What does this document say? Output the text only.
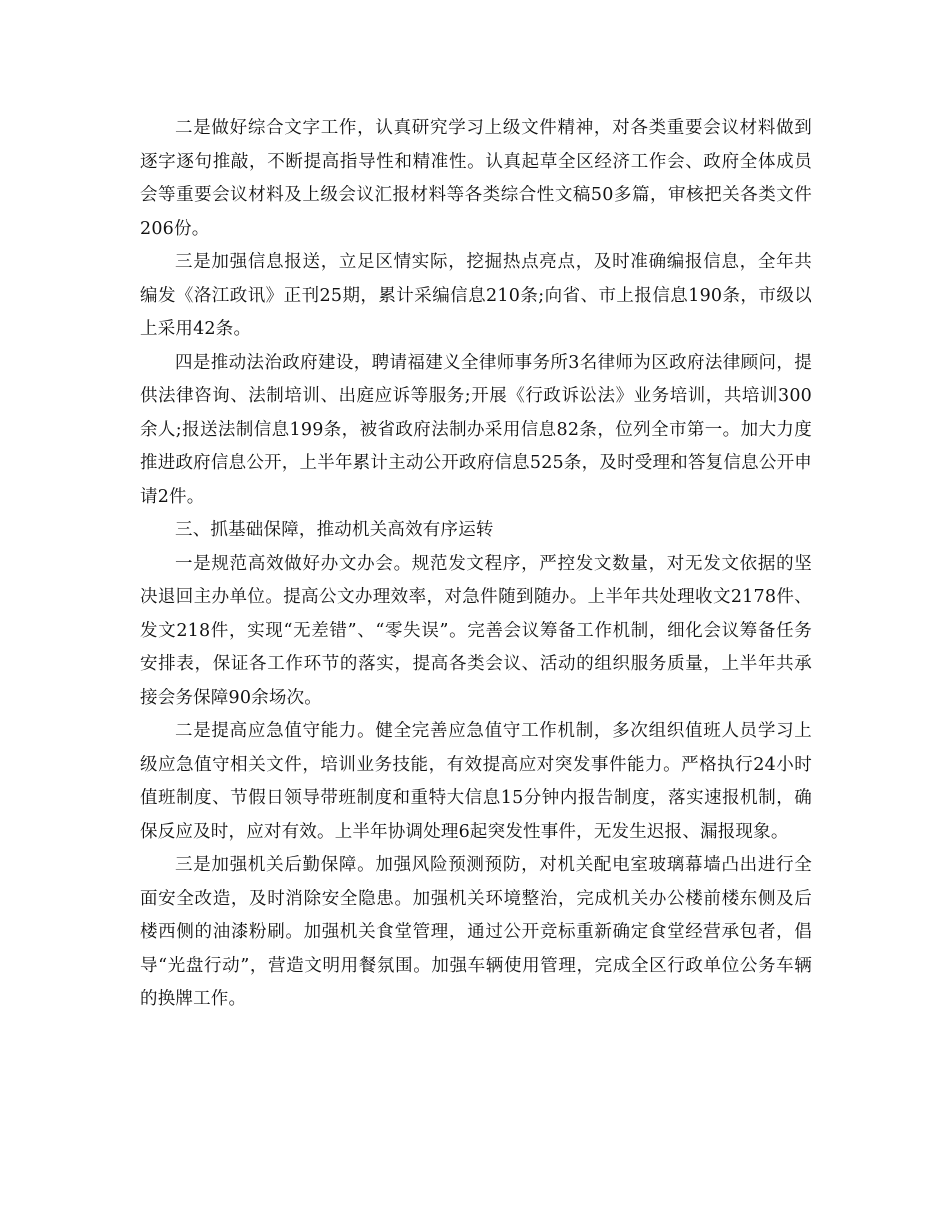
二是做好综合文字工作，认真研究学习上级文件精神，对各类重要会议材料做到逐字逐句推敲，不断提高指导性和精准性。认真起草全区经济工作会、政府全体成员会等重要会议材料及上级会议汇报材料等各类综合性文稿50多篇，审核把关各类文件206份。

三是加强信息报送，立足区情实际，挖掘热点亮点，及时准确编报信息，全年共编发《洛江政讯》正刊25期，累计采编信息210条;向省、市上报信息190条，市级以上采用42条。

四是推动法治政府建设，聘请福建义全律师事务所3名律师为区政府法律顾问，提供法律咨询、法制培训、出庭应诉等服务;开展《行政诉讼法》业务培训，共培训300余人;报送法制信息199条，被省政府法制办采用信息82条，位列全市第一。加大力度推进政府信息公开，上半年累计主动公开政府信息525条，及时受理和答复信息公开申请2件。

三、抓基础保障，推动机关高效有序运转

一是规范高效做好办文办会。规范发文程序，严控发文数量，对无发文依据的坚决退回主办单位。提高公文办理效率，对急件随到随办。上半年共处理收文2178件、发文218件，实现“无差错”、“零失误”。完善会议筹备工作机制，细化会议筹备任务安排表，保证各工作环节的落实，提高各类会议、活动的组织服务质量，上半年共承接会务保障90余场次。

二是提高应急值守能力。健全完善应急值守工作机制，多次组织值班人员学习上级应急值守相关文件，培训业务技能，有效提高应对突发事件能力。严格执行24小时值班制度、节假日领导带班制度和重特大信息15分钟内报告制度，落实速报机制，确保反应及时，应对有效。上半年协调处理6起突发性事件，无发生迟报、漏报现象。

三是加强机关后勤保障。加强风险预测预防，对机关配电室玻璃幕墙凸出进行全面安全改造，及时消除安全隐患。加强机关环境整治，完成机关办公楼前楼东侧及后楼西侧的油漆粉刷。加强机关食堂管理，通过公开竞标重新确定食堂经营承包者，倡导“光盘行动”，营造文明用餐氛围。加强车辆使用管理，完成全区行政单位公务车辆的换牌工作。
